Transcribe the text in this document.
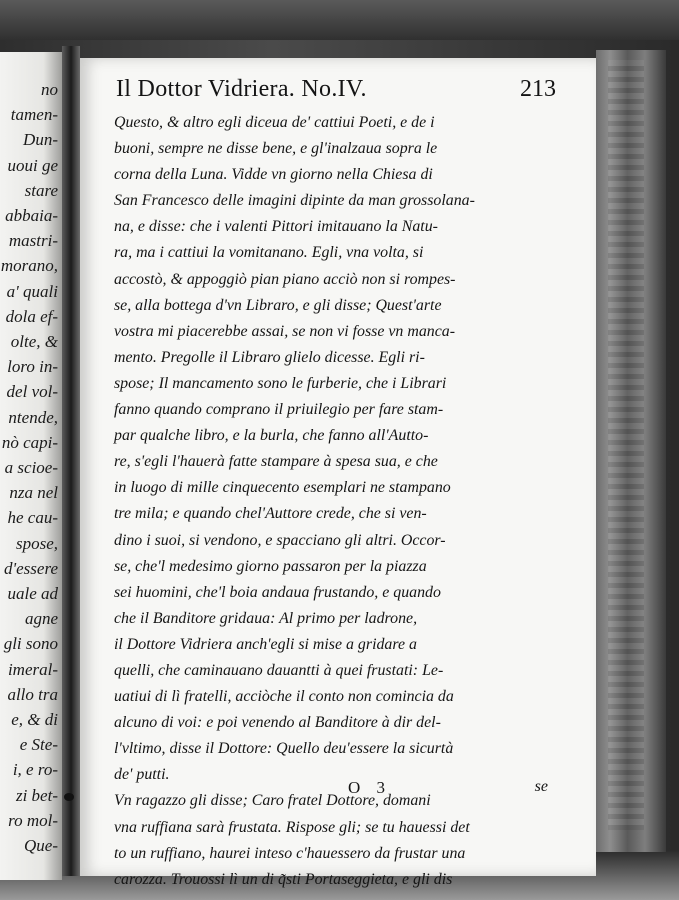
no
tamen-
Dun-
uoui ge
stare
abbaia-
mastri-
morano,
a' quali
dola ef-
olte, &
loro in-
del vol-
ntende,
nò capi-
a scioe-
nza nel
he cau-
spose,
d'essere
uale ad
agne
gli sono
imeral-
allo tra
e, & di
e Ste-
i, e ro-
zi bet-
ro mol-
Que-
Il Dottor Vidriera. No.IV.	213
Questo, & altro egli diceua de' cattiui Poeti, e de i
buoni, sempre ne disse bene, e gl'inalzaua sopra le
corna della Luna. Vidde vn giorno nella Chiesa di
San Francesco delle imagini dipinte da man grossolana-
na, e disse: che i valenti Pittori imitauano la Natu-
ra, ma i cattiui la vomitanano. Egli, vna volta, si
accostò, & appoggiò pian piano acciò non si rompes-
se, alla bottega d'vn Libraro, e gli disse; Quest'arte
vostra mi piacerebbe assai, se non vi fosse vn manca-
mento. Pregolle il Libraro glielo dicesse. Egli ri-
spose; Il mancamento sono le furberie, che i Librari
fanno quando comprano il priuilegio per fare stam-
par qualche libro, e la burla, che fanno all'Autto-
re, s'egli l'hauerà fatte stampare à spesa sua, e che
in luogo di mille cinquecento esemplari ne stampano
tre mila; e quando chel'Auttore crede, che si ven-
dino i suoi, si vendono, e spacciano gli altri. Occor-
se, che'l medesimo giorno passaron per la piazza
sei huomini, che'l boia andaua frustando, e quando
che il Banditore gridaua: Al primo per ladrone,
il Dottore Vidriera anch'egli si mise a gridare a
quelli, che caminauano dauantti à quei frustati: Le-
uatiui di lì fratelli, acciòche il conto non comincia da
alcuno di voi: e poi venendo al Banditore à dir del-
l'vltimo, disse il Dottore: Quello deu'essere la sicurtà
de' putti.
Vn ragazzo gli disse; Caro fratel Dottore, domani
vna ruffiana sarà frustata. Rispose gli; se tu hauessi det
to un ruffiano, haurei inteso c'hauessero da frustar una
carozza. Trouossi lì un di q̃sti Portaseggieta, e gli dis
O 3	se
